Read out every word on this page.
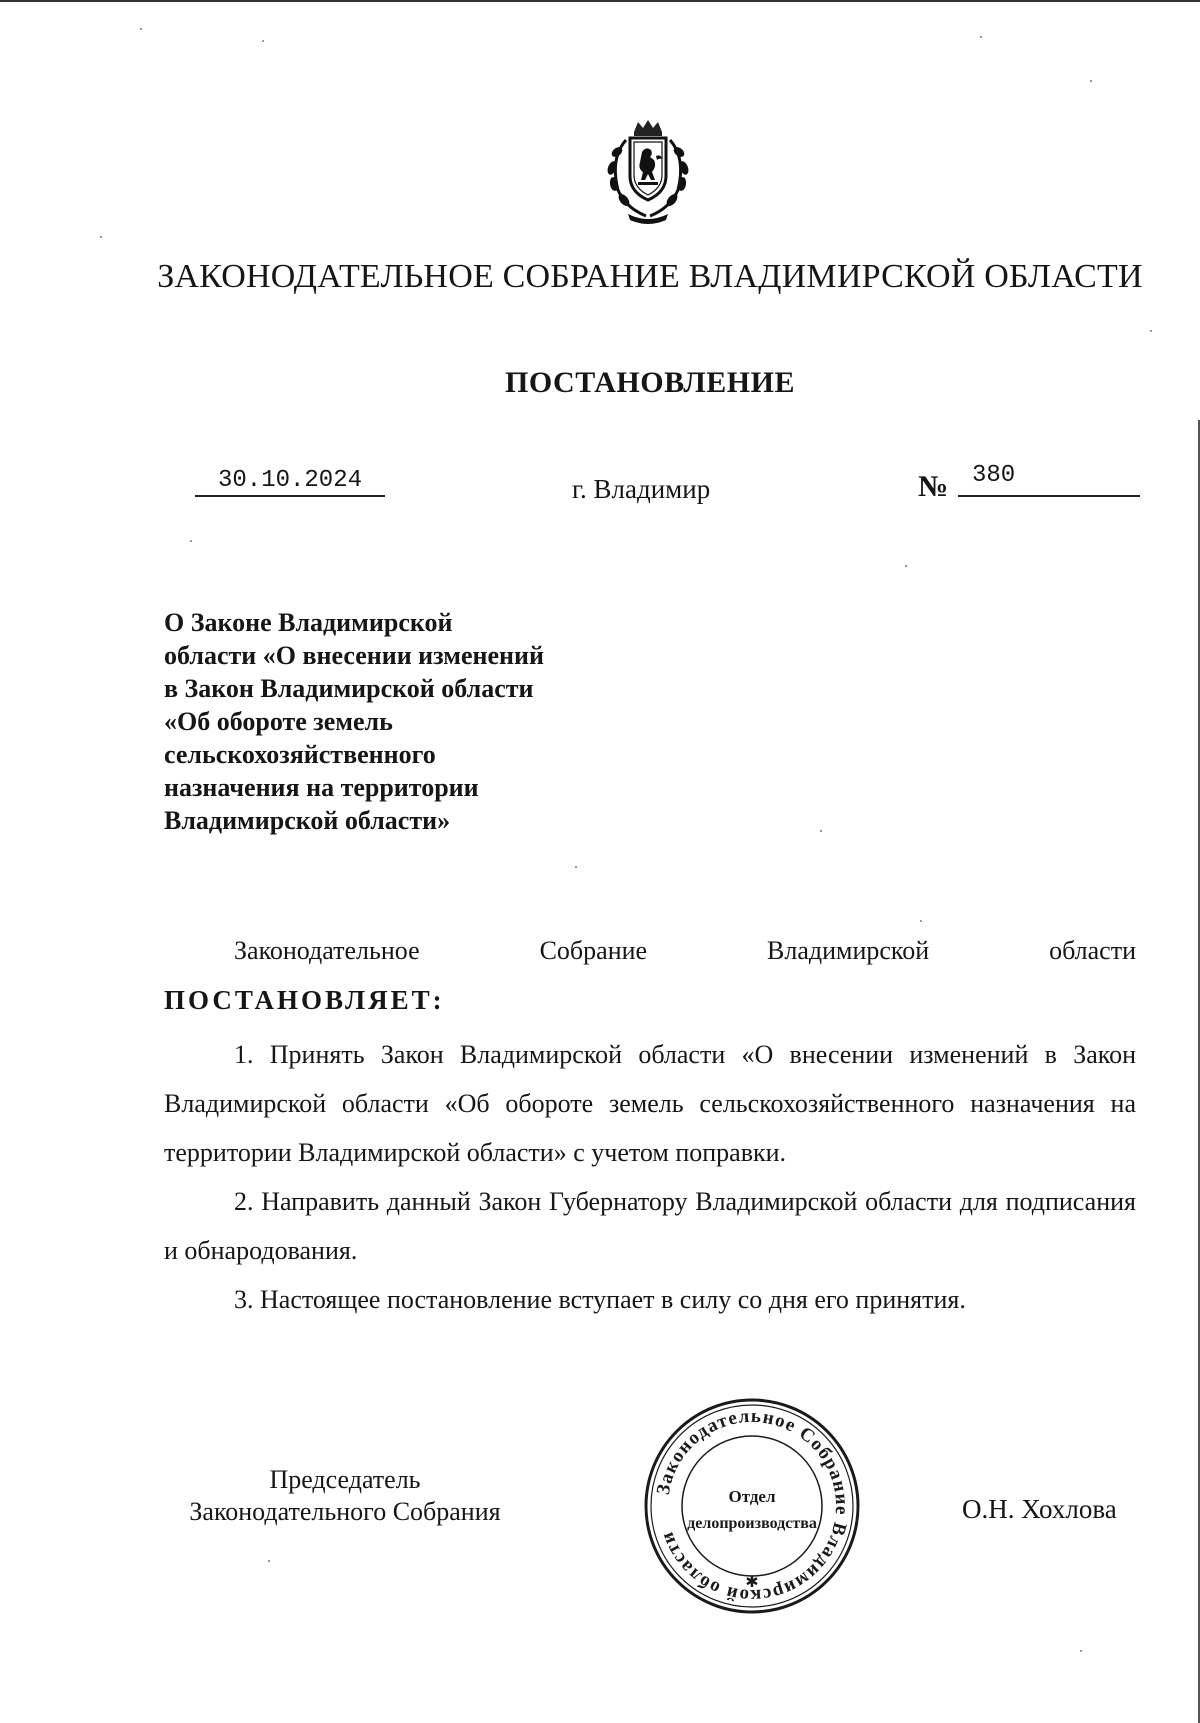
ЗАКОНОДАТЕЛЬНОЕ СОБРАНИЕ ВЛАДИМИРСКОЙ ОБЛАСТИ
ПОСТАНОВЛЕНИЕ
30.10.2024	г. Владимир	№ 380
О Законе Владимирской
области «О внесении изменений
в Закон Владимирской области
«Об обороте земель
сельскохозяйственного
назначения на территории
Владимирской области»
Законодательное Собрание Владимирской области
ПОСТАНОВЛЯЕТ:

1. Принять Закон Владимирской области «О внесении изменений в Закон Владимирской области «Об обороте земель сельскохозяйственного назначения на территории Владимирской области» с учетом поправки.

2. Направить данный Закон Губернатору Владимирской области для подписания и обнародования.

3. Настоящее постановление вступает в силу со дня его принятия.

Председатель
Законодательного Собрания
Законодательное Собрание Владимирской области
✱
Отдел
делопроизводства	О.Н. Хохлова
